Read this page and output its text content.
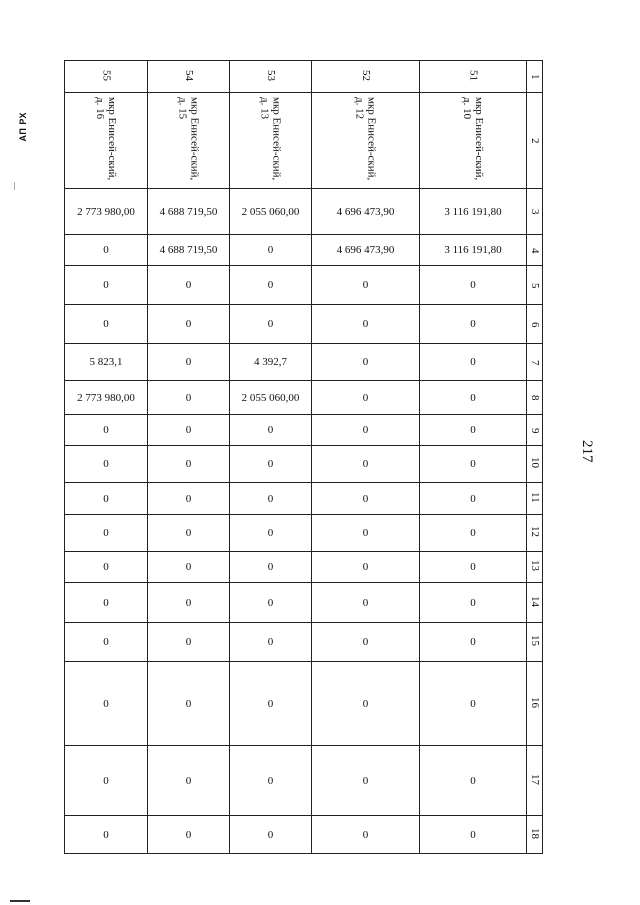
АП РХ
217
55	54	53	52	51	1
мкр Енисей-ский, д. 16	мкр Енисей-ский, д. 15	мкр Енисей-ский, д. 13	мкр Енисей-ский, д. 12	мкр Енисей-ский, д. 10	2
2 773 980,00	4 688 719,50	2 055 060,00	4 696 473,90	3 116 191,80	3
0	4 688 719,50	0	4 696 473,90	3 116 191,80	4
0	0	0	0	0	5
0	0	0	0	0	6
5 823,1	0	4 392,7	0	0	7
2 773 980,00	0	2 055 060,00	0	0	8
0	0	0	0	0	9
0	0	0	0	0	10
0	0	0	0	0	11
0	0	0	0	0	12
0	0	0	0	0	13
0	0	0	0	0	14
0	0	0	0	0	15
0	0	0	0	0	16
0	0	0	0	0	17
0	0	0	0	0	18
